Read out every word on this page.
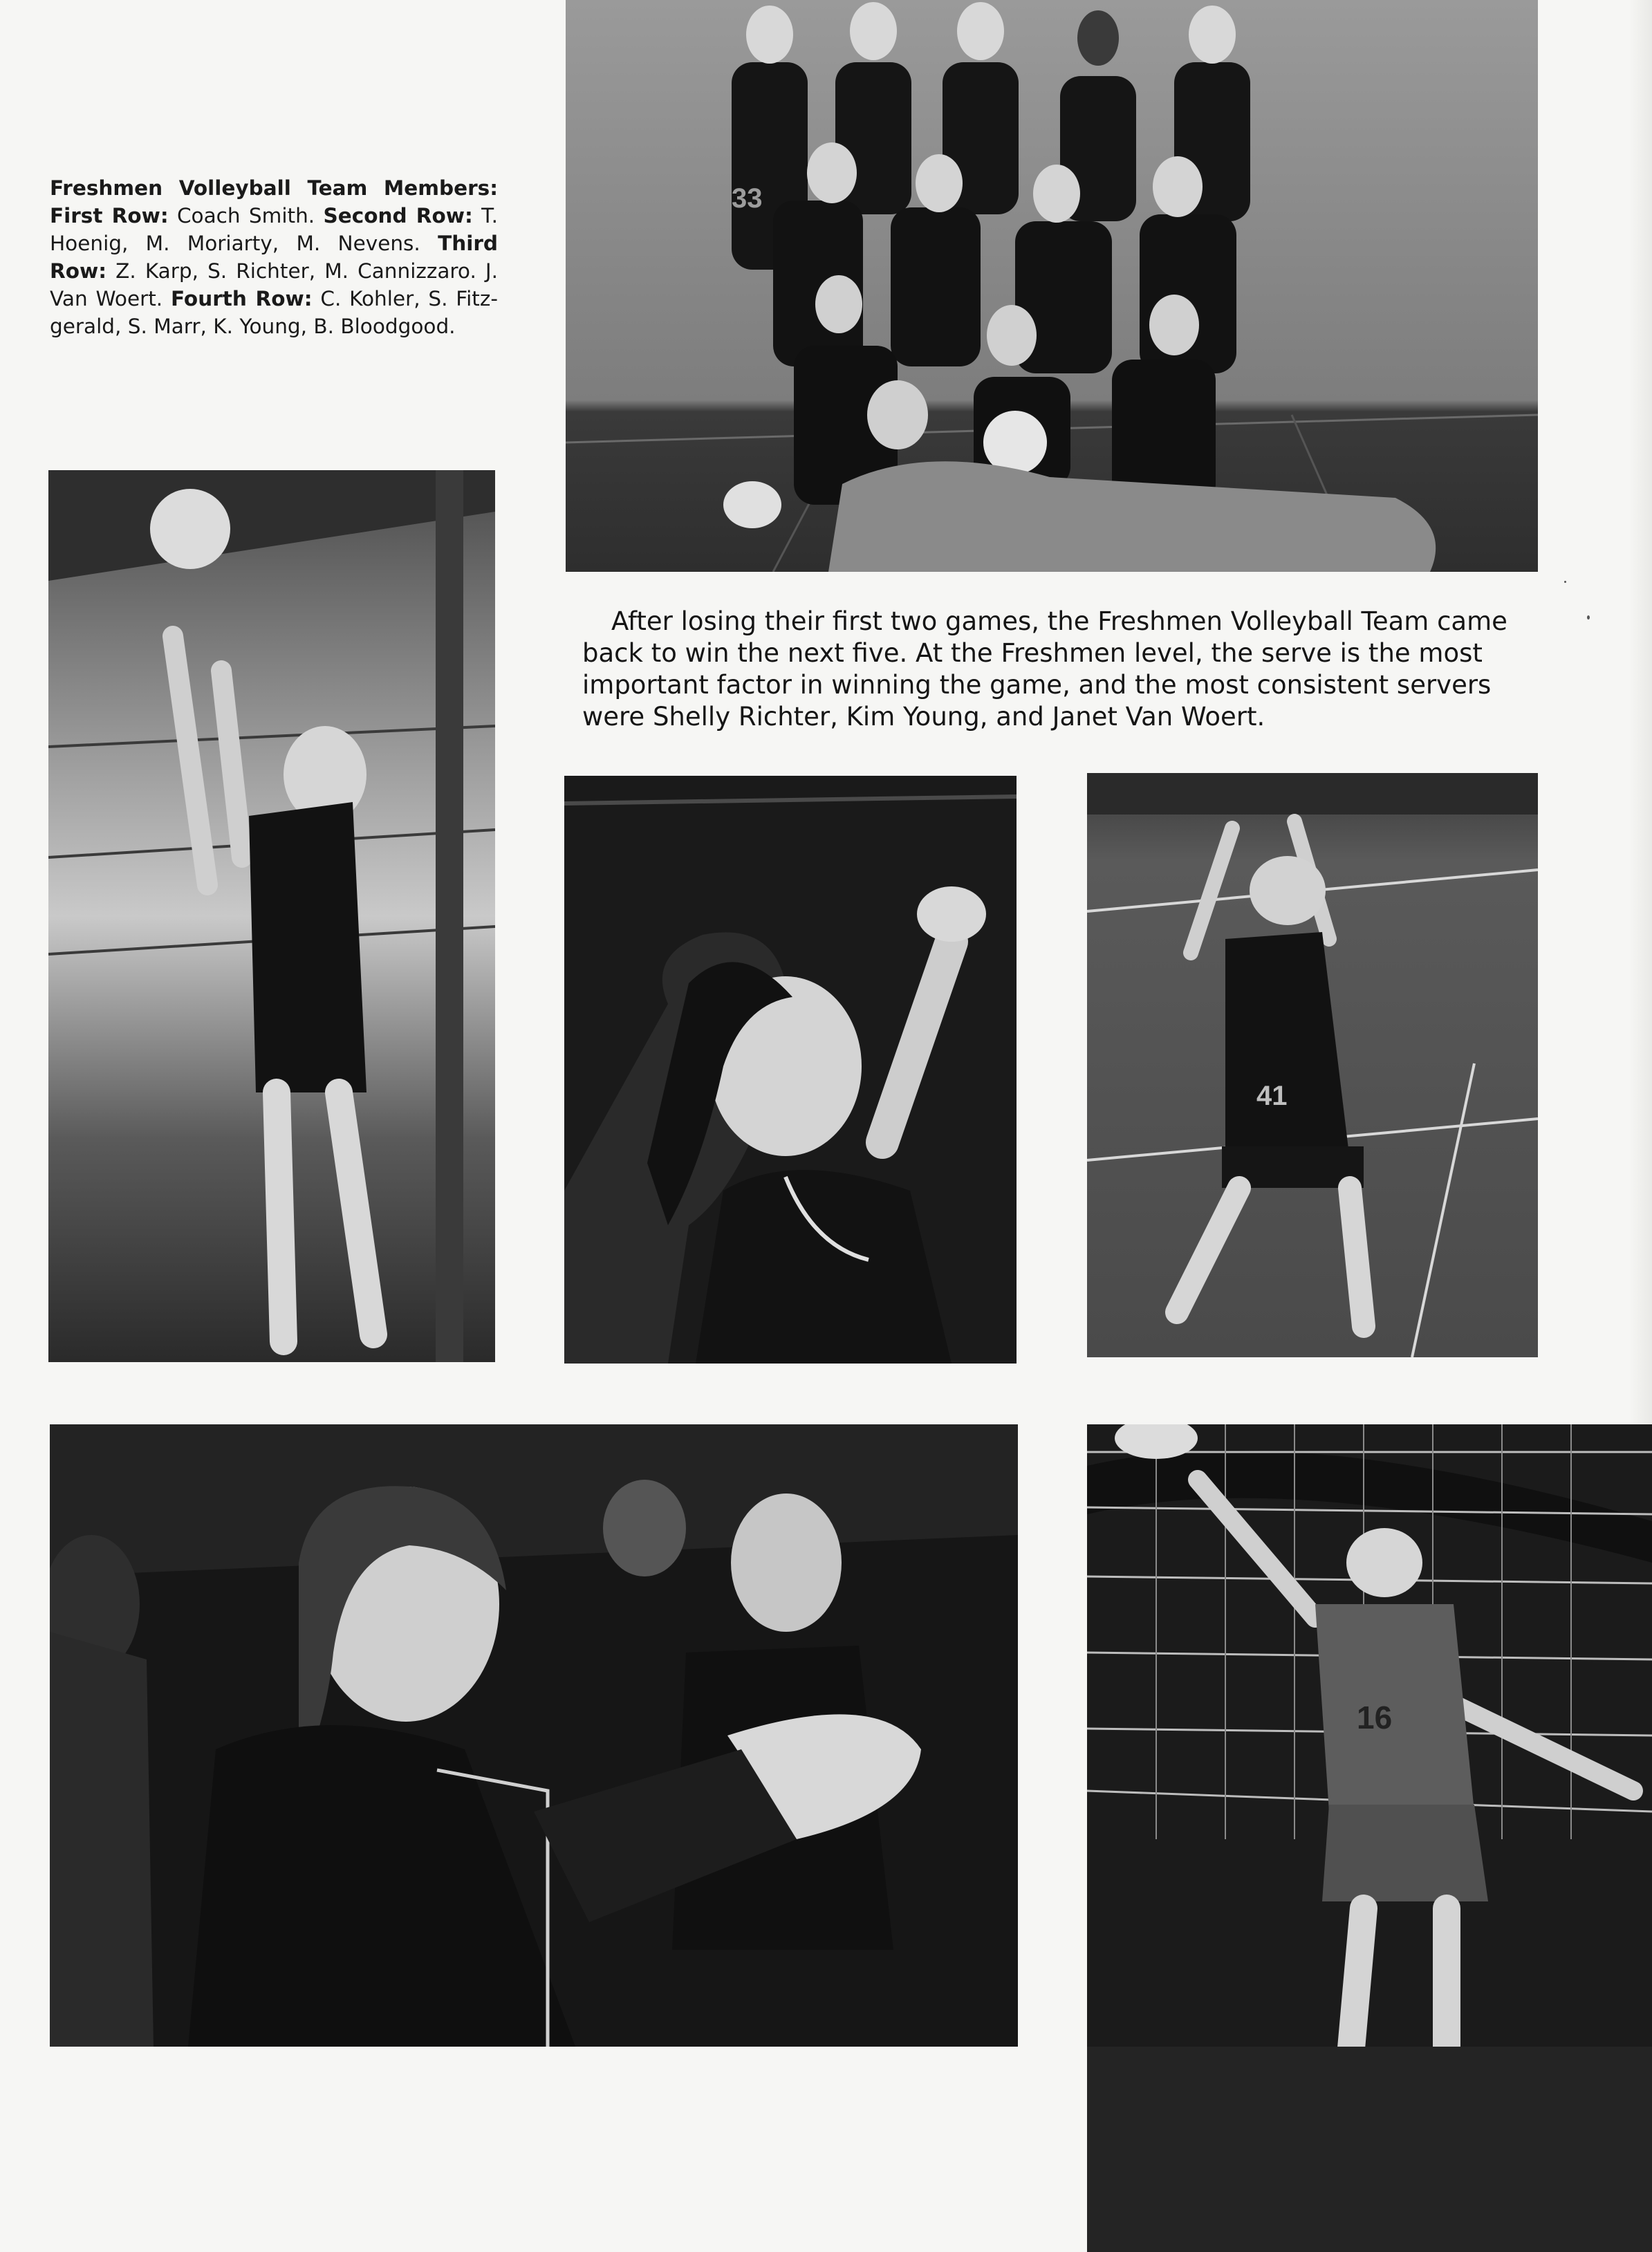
Freshmen Volleyball Team Members: First Row: Coach Smith. Second Row: T. Hoenig, M. Moriarty, M. Nevens. Third Row: Z. Karp, S. Richter, M. Cannizzaro. J. Van Woert. Fourth Row: C. Kohler, S. Fitz-gerald, S. Marr, K. Young, B. Bloodgood.
33
After losing their first two games, the Freshmen Volleyball Team came
back to win the next five. At the Freshmen level, the serve is the most
important factor in winning the game, and the most consistent servers
were Shelly Richter, Kim Young, and Janet Van Woert.
41
16
